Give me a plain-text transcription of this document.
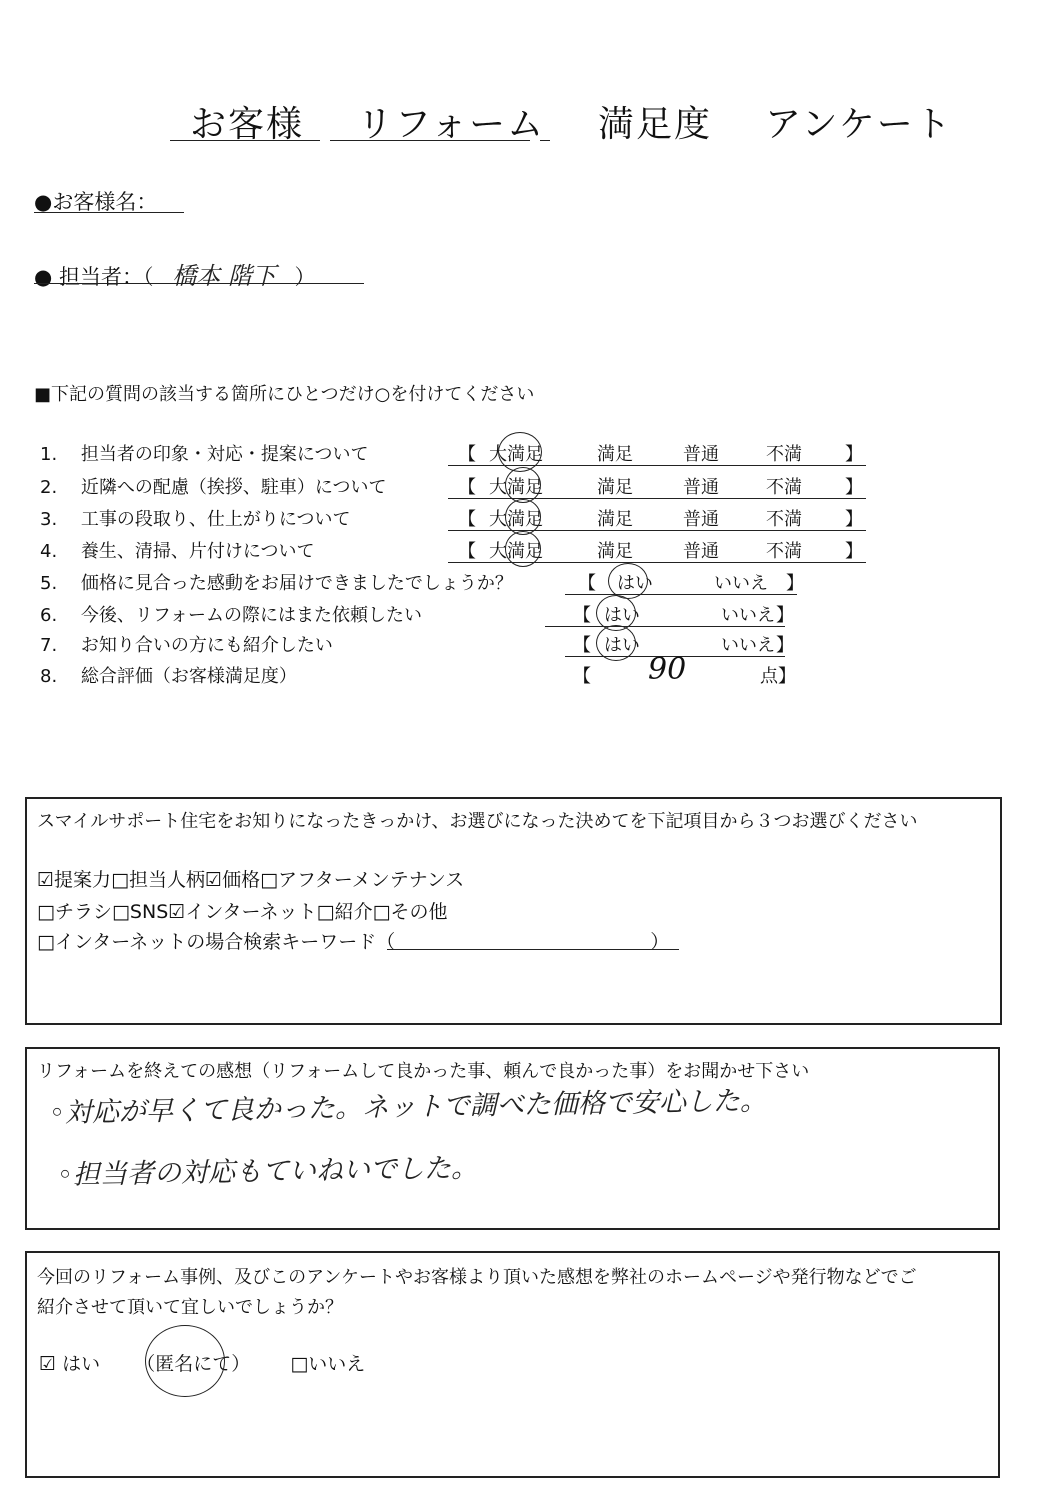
お客様 リフォーム 満足度 アンケート
●お客様名：
● 担当者：（ 橋本 階下 ）
■下記の質問の該当する箇所にひとつだけ○を付けてください
1. 担当者の印象・対応・提案について	【 大満足	満足	普通	不満 】
2. 近隣への配慮（挨拶、駐車）について	【 大満足	満足	普通	不満 】
3. 工事の段取り、仕上がりについて	【 大満足	満足	普通	不満 】
4. 養生、清掃、片付けについて	【 大満足	満足	普通	不満 】
5. 価格に見合った感動をお届けできましたでしょうか？	【 はい	いいえ 】
6. 今後、リフォームの際にはまた依頼したい	【 はい	いいえ 】
7. お知り合いの方にも紹介したい	【 はい	いいえ 】
8. 総合評価（お客様満足度）	【 90	点】
スマイルサポート住宅をお知りになったきっかけ、お選びになった決めてを下記項目から３つお選びください
☑提案力□担当人柄☑価格□アフターメンテナンス
□チラシ□SNS☑インターネット□紹介□その他
□インターネットの場合検索キーワード（	）
リフォームを終えての感想（リフォームして良かった事、頼んで良かった事）をお聞かせ下さい
◦対応が早くて良かった。ネットで調べた価格で安心した。
◦担当者の対応もていねいでした。
今回のリフォーム事例、及びこのアンケートやお客様より頂いた感想を弊社のホームページや発行物などでご
紹介させて頂いて宜しいでしょうか？
☑ はい （匿名にて） □いいえ
